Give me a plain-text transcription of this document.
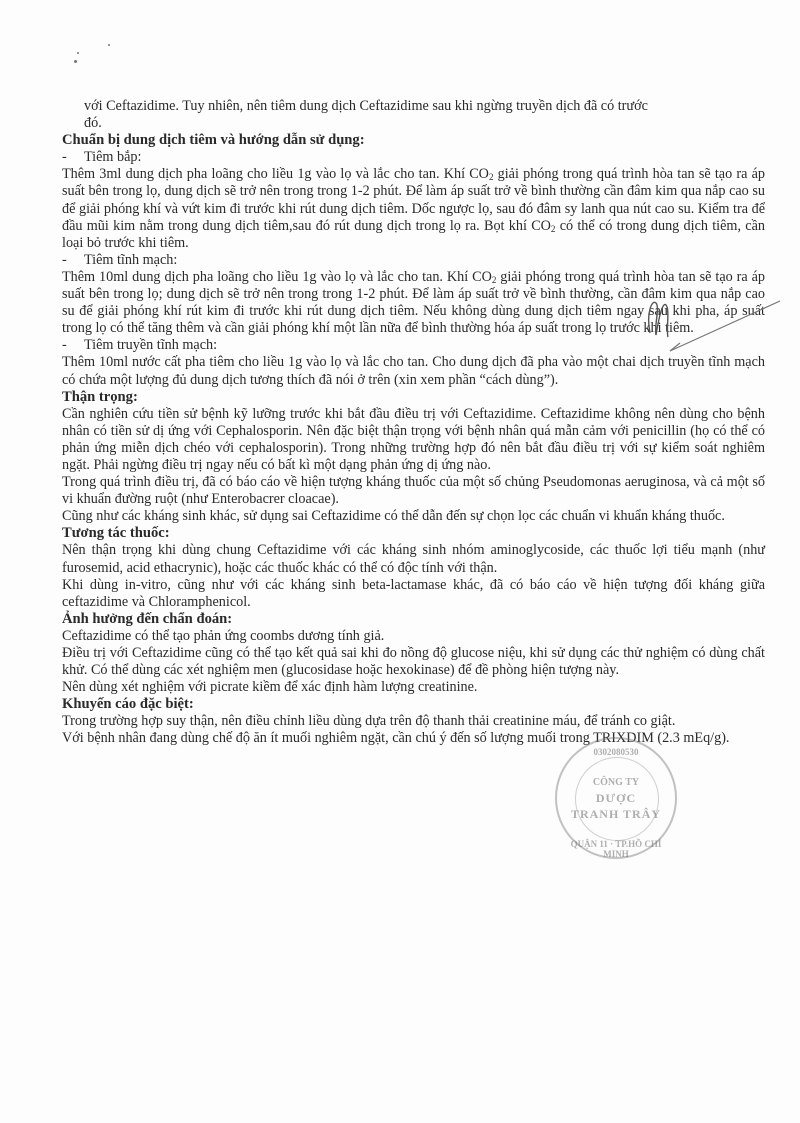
với Ceftazidime. Tuy nhiên, nên tiêm dung dịch Ceftazidime sau khi ngừng truyền dịch đã có trước

đó.

Chuẩn bị dung dịch tiêm và hướng dẫn sử dụng:

-	Tiêm bắp:

Thêm 3ml dung dịch pha loãng cho liều 1g vào lọ và lắc cho tan. Khí $CO_2$ giải phóng trong quá trình hòa tan sẽ tạo ra áp suất bên trong lọ, dung dịch sẽ trở nên trong trong 1-2 phút. Để làm áp suất trở về bình thường cần đâm kim qua nắp cao su để giải phóng khí và vứt kim đi trước khi rút dung dịch tiêm. Dốc ngược lọ, sau đó đâm sy lanh qua nút cao su. Kiểm tra để đầu mũi kim nằm trong dung dịch tiêm,sau đó rút dung dịch trong lọ ra. Bọt khí $CO_2$ có thể có trong dung dịch tiêm, cần loại bỏ trước khi tiêm.

-	Tiêm tĩnh mạch:

Thêm 10ml dung dịch pha loãng cho liều 1g vào lọ và lắc cho tan. Khí $CO_2$ giải phóng trong quá trình hòa tan sẽ tạo ra áp suất bên trong lọ; dung dịch sẽ trở nên trong trong 1-2 phút. Để làm áp suất trở về bình thường, cần đâm kim qua nắp cao su để giải phóng khí rút kim đi trước khi rút dung dịch tiêm. Nếu không dùng dung dịch tiêm ngay sau khi pha, áp suất trong lọ có thể tăng thêm và cần giải phóng khí một lần nữa để bình thường hóa áp suất trong lọ trước khi tiêm.

-	Tiêm truyền tĩnh mạch:

Thêm 10ml nước cất pha tiêm cho liều 1g vào lọ và lắc cho tan. Cho dung dịch đã pha vào một chai dịch truyền tĩnh mạch có chứa một lượng đủ dung dịch tương thích đã nói ở trên (xin xem phần “cách dùng”).

Thận trọng:

Cần nghiên cứu tiền sử bệnh kỹ lưỡng trước khi bắt đầu điều trị với Ceftazidime. Ceftazidime không nên dùng cho bệnh nhân có tiền sử dị ứng với Cephalosporin. Nên đặc biệt thận trọng với bệnh nhân quá mẫn cảm với penicillin (họ có thể có phản ứng miễn dịch chéo với cephalosporin). Trong những trường hợp đó nên bắt đầu điều trị với sự kiểm soát nghiêm ngặt. Phải ngừng điều trị ngay nếu có bất kì một dạng phản ứng dị ứng nào.

Trong quá trình điều trị, đã có báo cáo về hiện tượng kháng thuốc của một số chủng Pseudomonas aeruginosa, và cả một số vi khuẩn đường ruột (như Enterobacrer cloacae).

Cũng như các kháng sinh khác, sử dụng sai Ceftazidime có thể dẫn đến sự chọn lọc các chuẩn vi khuẩn kháng thuốc.

Tương tác thuốc:

Nên thận trọng khi dùng chung Ceftazidime với các kháng sinh nhóm aminoglycoside, các thuốc lợi tiểu mạnh (như furosemid, acid ethacrynic), hoặc các thuốc khác có thể có độc tính với thận.

Khi dùng in-vitro, cũng như với các kháng sinh beta-lactamase khác, đã có báo cáo về hiện tượng đối kháng giữa ceftazidime và Chloramphenicol.

Ảnh hưởng đến chẩn đoán:

Ceftazidime có thể tạo phản ứng coombs dương tính giả.

Điều trị với Ceftazidime cũng có thể tạo kết quả sai khi đo nồng độ glucose niệu, khi sử dụng các thử nghiệm có dùng chất khử. Có thể dùng các xét nghiệm men (glucosidase hoặc hexokinase) để đề phòng hiện tượng này.

Nên dùng xét nghiệm với picrate kiềm để xác định hàm lượng creatinine.

Khuyến cáo đặc biệt:

Trong trường hợp suy thận, nên điều chỉnh liều dùng dựa trên độ thanh thải creatinine máu, để tránh co giật.

Với bệnh nhân đang dùng chế độ ăn ít muối nghiêm ngặt, cần chú ý đến số lượng muối trong TRIXDIM (2.3 mEq/g).

0302080530
CÔNG TY
DƯỢC
TRANH TRÂY
QUẬN 11 · TP.HỒ CHÍ MINH
